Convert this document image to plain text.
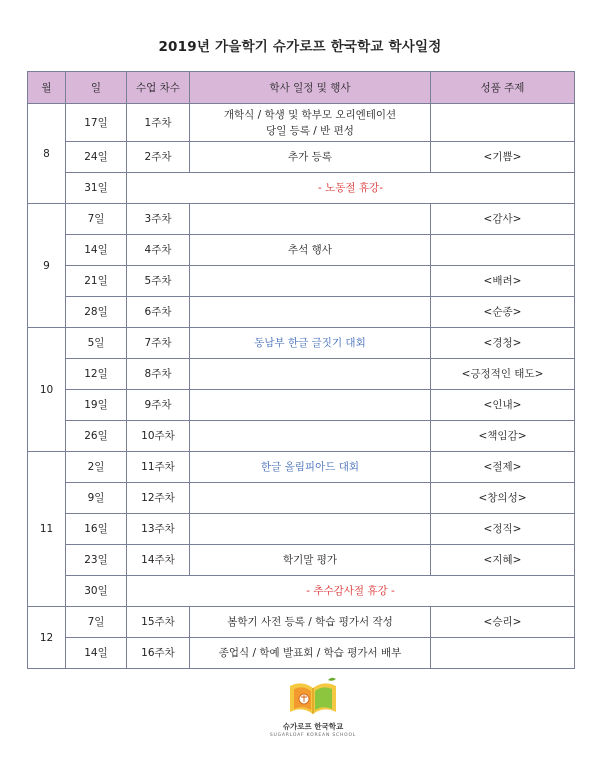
2019년 가을학기 슈가로프 한국학교 학사일정
월	일	수업 차수	학사 일정 및 행사	성품 주제
8	17일	1주차	개학식 / 학생 및 학부모 오리엔테이션
당일 등록 / 반 편성	

	24일	2주차	추가 등록	<기쁨>
	31일	- 노동절 휴강-		
9	7일	3주차		<감사>
	14일	4주차	추석 행사	
	21일	5주차		<배려>
	28일	6주차		<순종>
10	5일	7주차	동남부 한글 글짓기 대회	<경청>
	12일	8주차		<긍정적인 태도>
	19일	9주차		<인내>
	26일	10주차		<책임감>
11	2일	11주차	한글 올림피아드 대회	<절제>
	9일	12주차		<창의성>
	16일	13주차		<정직>
	23일	14주차	학기말 평가	<지혜>
	30일	- 추수감사절 휴강 -		
12	7일	15주차	봄학기 사전 등록 / 학습 평가서 작성	<승리>
	14일	16주차	종업식 / 학예 발표회 / 학습 평가서 배부	
슈가로프 한국학교
SUGARLOAF KOREAN SCHOOL
